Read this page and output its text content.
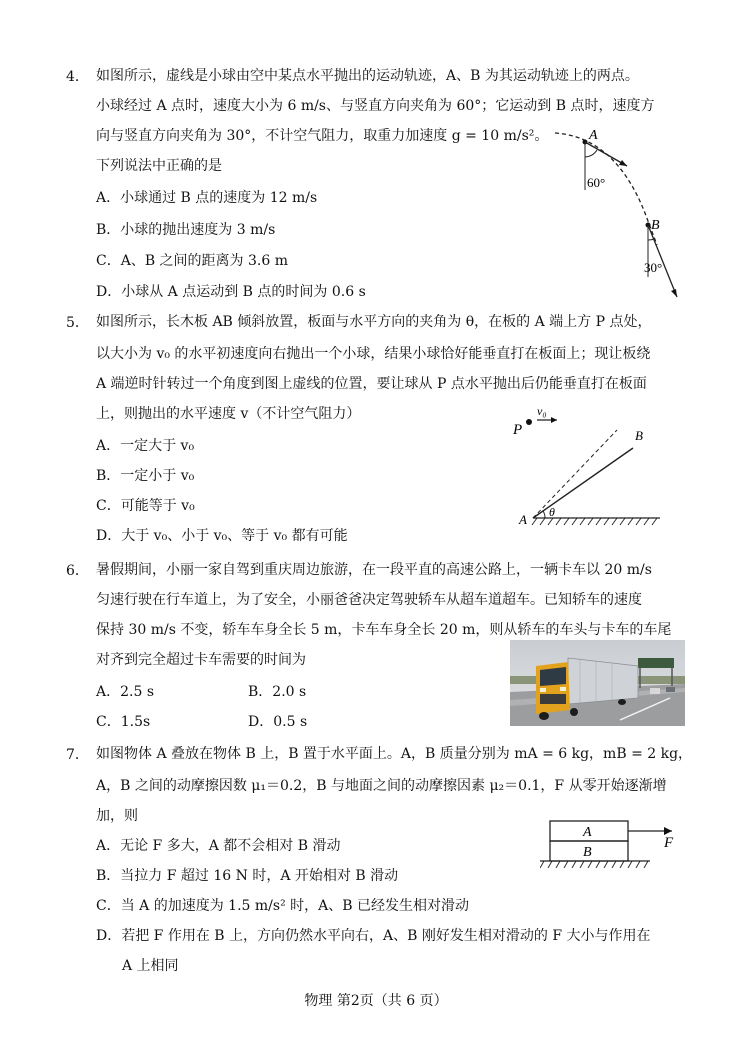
4． 如图所示，虚线是小球由空中某点水平抛出的运动轨迹，A、B 为其运动轨迹上的两点。
小球经过 A 点时，速度大小为 6 m/s、与竖直方向夹角为 60°；它运动到 B 点时，速度方
向与竖直方向夹角为 30°，不计空气阻力，取重力加速度 g = 10 m/s²。
下列说法中正确的是
A．小球通过 B 点的速度为 12 m/s
B．小球的抛出速度为 3 m/s
C．A、B 之间的距离为 3.6 m
D．小球从 A 点运动到 B 点的时间为 0.6 s
A
60°
B
30°
5． 如图所示，长木板 AB 倾斜放置，板面与水平方向的夹角为 θ，在板的 A 端上方 P 点处，
以大小为 v₀ 的水平初速度向右抛出一个小球，结果小球恰好能垂直打在板面上；现让板绕
A 端逆时针转过一个角度到图上虚线的位置，要让球从 P 点水平抛出后仍能垂直打在板面
上，则抛出的水平速度 v（不计空气阻力）
A．一定大于 v₀
B．一定小于 v₀
C．可能等于 v₀
D．大于 v₀、小于 v₀、等于 v₀ 都有可能
P
v₀
B
A θ
6． 暑假期间，小丽一家自驾到重庆周边旅游，在一段平直的高速公路上，一辆卡车以 20 m/s
匀速行驶在行车道上，为了安全，小丽爸爸决定驾驶轿车从超车道超车。已知轿车的速度
保持 30 m/s 不变，轿车车身全长 5 m，卡车车身全长 20 m，则从轿车的车头与卡车的车尾
对齐到完全超过卡车需要的时间为
A．2.5 s	B．2.0 s
C．1.5s	D．0.5 s
7． 如图物体 A 叠放在物体 B 上，B 置于水平面上。A，B 质量分别为 mA = 6 kg，mB = 2 kg，
A，B 之间的动摩擦因数 μ₁＝0.2，B 与地面之间的动摩擦因素 μ₂＝0.1，F 从零开始逐渐增
加，则
A．无论 F 多大，A 都不会相对 B 滑动
B．当拉力 F 超过 16 N 时，A 开始相对 B 滑动
C．当 A 的加速度为 1.5 m/s² 时，A、B 已经发生相对滑动
D．若把 F 作用在 B 上，方向仍然水平向右，A、B 刚好发生相对滑动的 F 大小与作用在
A 上相同
A
B
F
物理 第2页（共 6 页）
